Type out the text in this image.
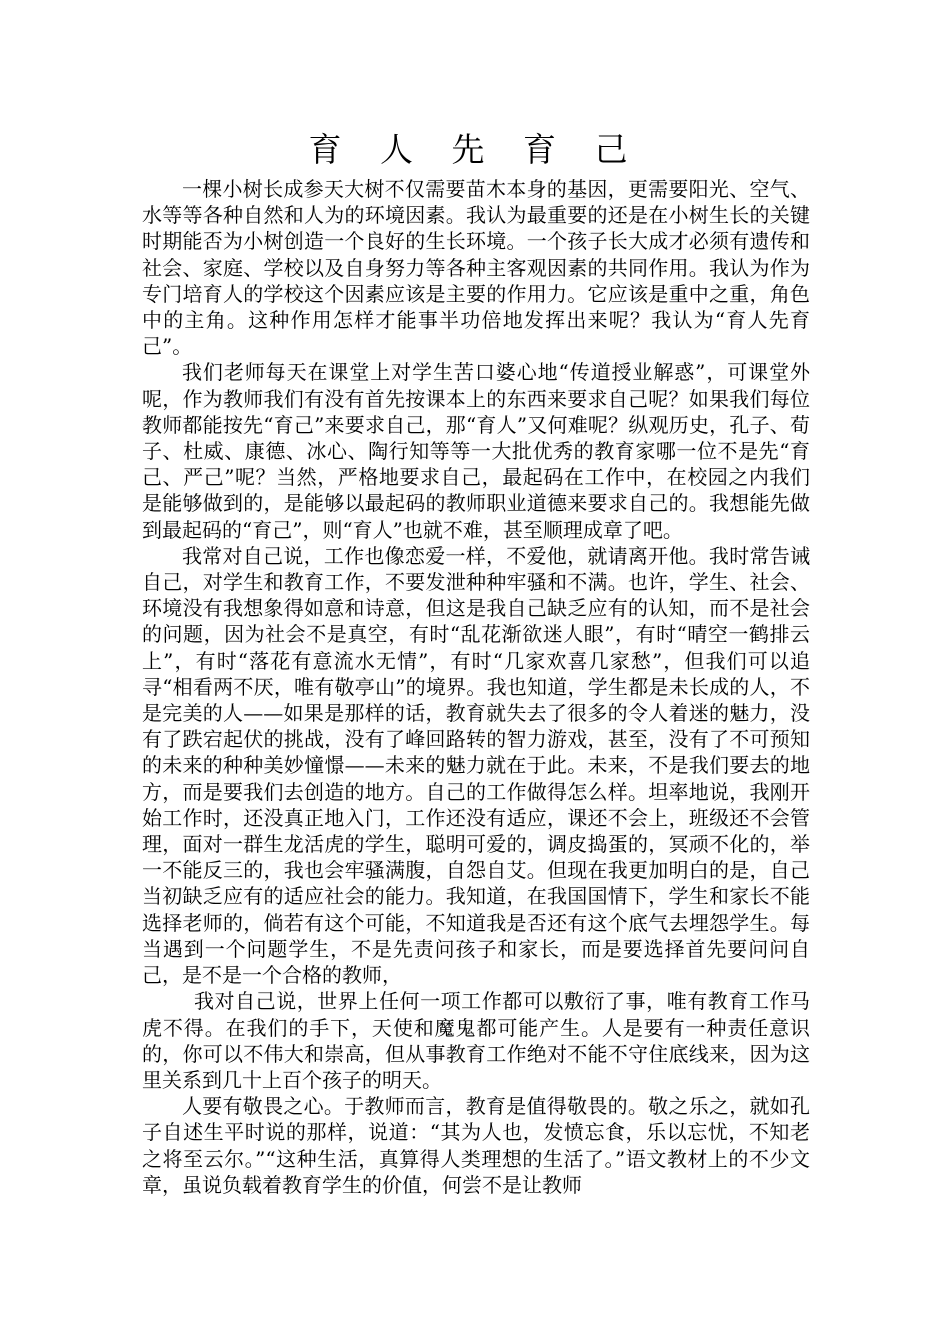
育 人 先 育 己

一棵小树长成参天大树不仅需要苗木本身的基因，更需要阳光、空气、水等等各种自然和人为的环境因素。我认为最重要的还是在小树生长的关键时期能否为小树创造一个良好的生长环境。一个孩子长大成才必须有遗传和社会、家庭、学校以及自身努力等各种主客观因素的共同作用。我认为作为专门培育人的学校这个因素应该是主要的作用力。它应该是重中之重，角色中的主角。这种作用怎样才能事半功倍地发挥出来呢？我认为“育人先育己”。

我们老师每天在课堂上对学生苦口婆心地“传道授业解惑”，可课堂外呢，作为教师我们有没有首先按课本上的东西来要求自己呢？如果我们每位教师都能按先“育己”来要求自己，那“育人”又何难呢？纵观历史，孔子、荀子、杜威、康德、冰心、陶行知等等一大批优秀的教育家哪一位不是先“育己、严己”呢？当然，严格地要求自己，最起码在工作中，在校园之内我们是能够做到的，是能够以最起码的教师职业道德来要求自己的。我想能先做到最起码的“育己”，则“育人”也就不难，甚至顺理成章了吧。

我常对自己说，工作也像恋爱一样，不爱他，就请离开他。我时常告诫自己，对学生和教育工作，不要发泄种种牢骚和不满。也许，学生、社会、环境没有我想象得如意和诗意，但这是我自己缺乏应有的认知，而不是社会的问题，因为社会不是真空，有时“乱花渐欲迷人眼”，有时“晴空一鹤排云上”，有时“落花有意流水无情”，有时“几家欢喜几家愁”，但我们可以追寻“相看两不厌，唯有敬亭山”的境界。我也知道，学生都是未长成的人，不是完美的人——如果是那样的话，教育就失去了很多的令人着迷的魅力，没有了跌宕起伏的挑战，没有了峰回路转的智力游戏，甚至，没有了不可预知的未来的种种美妙憧憬——未来的魅力就在于此。未来，不是我们要去的地方，而是要我们去创造的地方。自己的工作做得怎么样。坦率地说，我刚开始工作时，还没真正地入门，工作还没有适应，课还不会上，班级还不会管理，面对一群生龙活虎的学生，聪明可爱的，调皮捣蛋的，冥顽不化的，举一不能反三的，我也会牢骚满腹，自怨自艾。但现在我更加明白的是，自己当初缺乏应有的适应社会的能力。我知道，在我国国情下，学生和家长不能选择老师的，倘若有这个可能，不知道我是否还有这个底气去埋怨学生。每当遇到一个问题学生，不是先责问孩子和家长，而是要选择首先要问问自己，是不是一个合格的教师，

我对自己说，世界上任何一项工作都可以敷衍了事，唯有教育工作马虎不得。在我们的手下，天使和魔鬼都可能产生。人是要有一种责任意识的，你可以不伟大和崇高，但从事教育工作绝对不能不守住底线来，因为这里关系到几十上百个孩子的明天。

人要有敬畏之心。于教师而言，教育是值得敬畏的。敬之乐之，就如孔子自述生平时说的那样，说道：“其为人也，发愤忘食，乐以忘忧，不知老之将至云尔。”“这种生活，真算得人类理想的生活了。”语文教材上的不少文章，虽说负载着教育学生的价值，何尝不是让教师
